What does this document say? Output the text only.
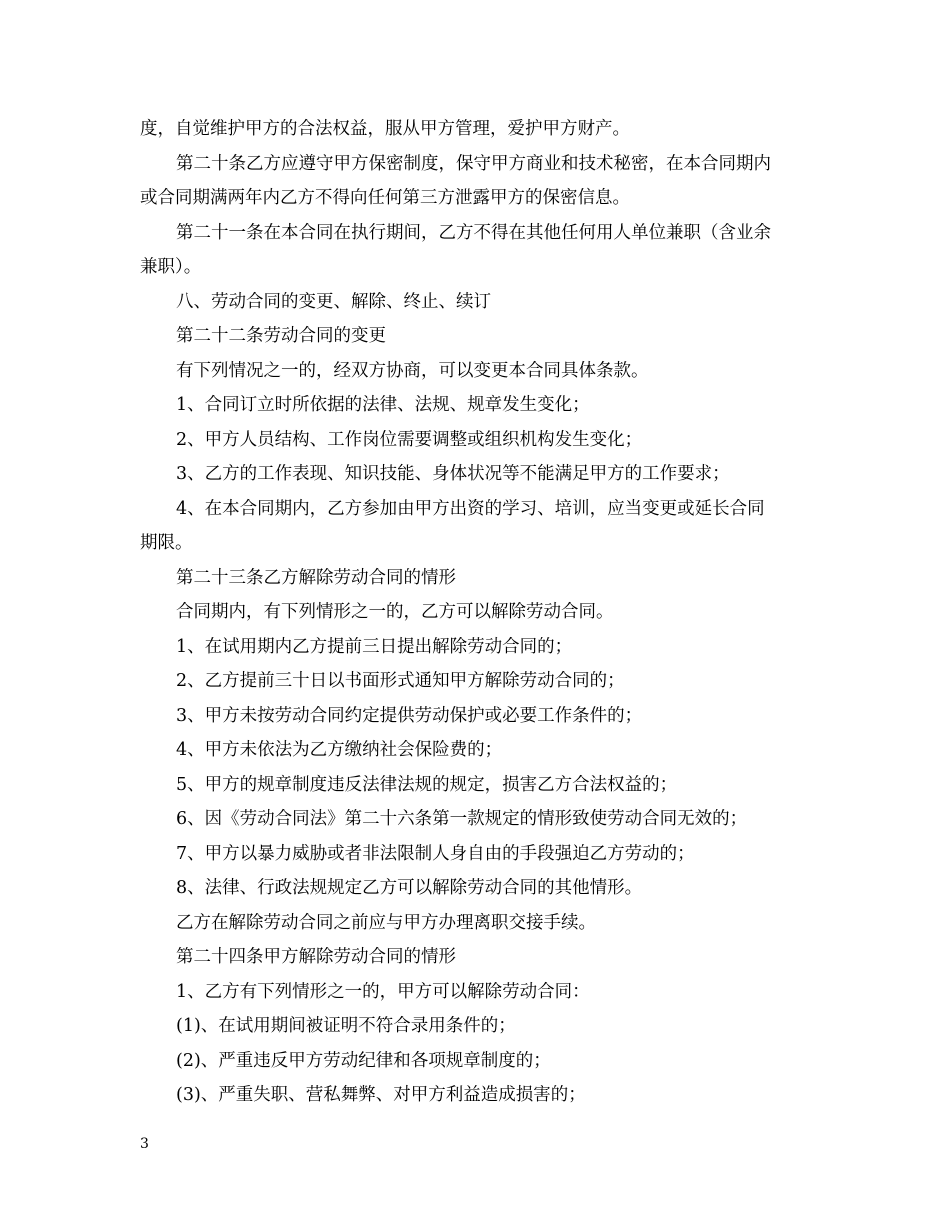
度，自觉维护甲方的合法权益，服从甲方管理，爱护甲方财产。

第二十条乙方应遵守甲方保密制度，保守甲方商业和技术秘密，在本合同期内

或合同期满两年内乙方不得向任何第三方泄露甲方的保密信息。

第二十一条在本合同在执行期间，乙方不得在其他任何用人单位兼职（含业余

兼职）。

八、劳动合同的变更、解除、终止、续订

第二十二条劳动合同的变更

有下列情况之一的，经双方协商，可以变更本合同具体条款。

1、合同订立时所依据的法律、法规、规章发生变化；

2、甲方人员结构、工作岗位需要调整或组织机构发生变化；

3、乙方的工作表现、知识技能、身体状况等不能满足甲方的工作要求；

4、在本合同期内，乙方参加由甲方出资的学习、培训，应当变更或延长合同

期限。

第二十三条乙方解除劳动合同的情形

合同期内，有下列情形之一的，乙方可以解除劳动合同。

1、在试用期内乙方提前三日提出解除劳动合同的；

2、乙方提前三十日以书面形式通知甲方解除劳动合同的；

3、甲方未按劳动合同约定提供劳动保护或必要工作条件的；

4、甲方未依法为乙方缴纳社会保险费的；

5、甲方的规章制度违反法律法规的规定，损害乙方合法权益的；

6、因《劳动合同法》第二十六条第一款规定的情形致使劳动合同无效的；

7、甲方以暴力威胁或者非法限制人身自由的手段强迫乙方劳动的；

8、法律、行政法规规定乙方可以解除劳动合同的其他情形。

乙方在解除劳动合同之前应与甲方办理离职交接手续。

第二十四条甲方解除劳动合同的情形

1、乙方有下列情形之一的，甲方可以解除劳动合同：

(1)、在试用期间被证明不符合录用条件的；

(2)、严重违反甲方劳动纪律和各项规章制度的；

(3)、严重失职、营私舞弊、对甲方利益造成损害的；

3
